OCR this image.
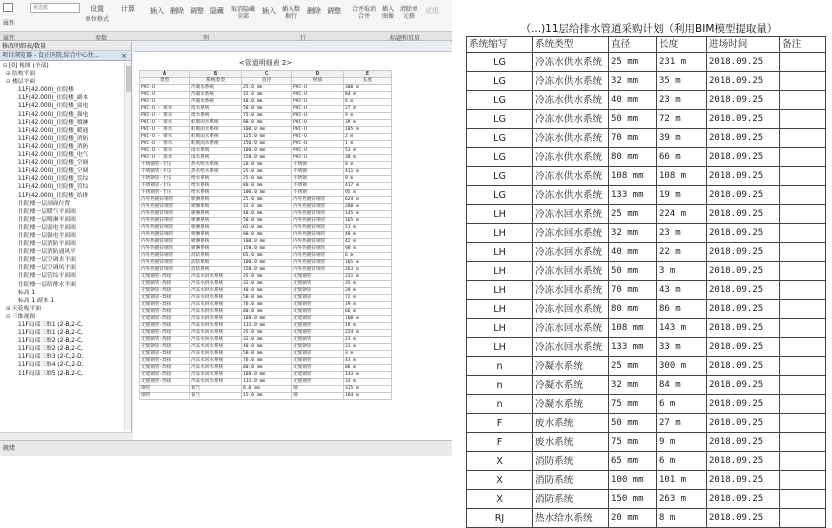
单选框
属性
设置
单位格式
计算 插入 删除 调整 隐藏 取消隐藏全部
插入 插入数据行
删除 调整 合并取消合并
插入图像
清除单元格
成组
属性	参数	列	行	标题和页眉
修改明细表/数量
项目浏览器 - 食正医院,综合中心住...	×
⊟ [0] 视图 (全部)
⊞ 结构平面
⊟ 楼层平面
11F(42.000)_住院楼
11F(42.000)_住院楼_副本
11F(42.000)_住院楼_弱电
11F(42.000)_住院楼_强电
11F(42.000)_住院楼_喷淋
11F(42.000)_住院楼_暖通
11F(42.000)_住院楼_消防
11F(42.000)_住院楼_消防
11F(42.000)_住院楼_电气
11F(42.000)_住院楼_空调
11F(42.000)_住院楼_空调
11F(42.000)_住院楼_管综
11F(42.000)_住院楼_管综
11F(42.000)_住院楼_给排
住院楼一层剖面位置
住院楼一层暖气平面图
住院楼一层喷淋平面图
住院楼一层弱电平面图
住院楼一层强电平面图
住院楼一层消防平面图
住院楼一层消防通风平
住院楼一层空调水平面
住院楼一层空调风平面
住院楼一层管综平面图
住院楼一层给排水平面
标高 1
标高 1 副本 1
⊞ 天花板平面
⊟ 三维视图
11F局部三维1 (2-B,2-C,
11F局部三维1 (2-B,2-C,
11F局部三维2 (2-B,2-C,
11F局部三维2 (2-B,2-C,
11F局部三维3 (2-C,2-D,
11F局部三维4 (2-C,2-D,
11F局部三维5 (2-B,2-C,
<管道明细表 2>				
A	B	C	D	E
类型	系统类型	直径	材质	长度
PVC-U	冷凝水系统	25.0 mm	PVC-U	300 m
PVC-U	冷凝水系统	32.0 mm	PVC-U	84 m
PVC-U	冷凝水系统	40.0 mm	PVC-U	6 m
PVC-U - 排水	废水系统	50.0 mm	PVC-U	27 m
PVC-U - 排水	废水系统	75.0 mm	PVC-U	9 m
PVC-U - 排水	虹吸雨水系统	80.0 mm	PVC-U	39 m
PVC-U - 排水	虹吸雨水系统	100.0 mm	PVC-U	105 m
PVC-U - 排水	虹吸雨水系统	125.0 mm	PVC-U	2 m
PVC-U - 排水	虹吸雨水系统	150.0 mm	PVC-U	1 m
PVC-U - 排水	雨水系统	100.0 mm	PVC-U	53 m
PVC-U - 排水	雨水系统	150.0 mm	PVC-U	30 m
不锈钢管-卡压	热水给水系统	20.0 mm	不锈钢	8 m
不锈钢管-卡压	热水给水系统	25.0 mm	不锈钢	411 m
不锈钢管-卡压	给水系统	25.0 mm	不锈钢	9 m
不锈钢管-卡压	给水系统	80.0 mm	不锈钢	417 m
不锈钢管-卡压	给水系统	100.0 mm	不锈钢	95 m
内外热镀锌钢管	喷淋系统	25.0 mm	内外热镀锌钢管	624 m
内外热镀锌钢管	喷淋系统	32.0 mm	内外热镀锌钢管	288 m
内外热镀锌钢管	喷淋系统	40.0 mm	内外热镀锌钢管	145 m
内外热镀锌钢管	喷淋系统	50.0 mm	内外热镀锌钢管	165 m
内外热镀锌钢管	喷淋系统	65.0 mm	内外热镀锌钢管	51 m
内外热镀锌钢管	喷淋系统	80.0 mm	内外热镀锌钢管	48 m
内外热镀锌钢管	喷淋系统	100.0 mm	内外热镀锌钢管	42 m
内外热镀锌钢管	喷淋系统	150.0 mm	内外热镀锌钢管	90 m
内外热镀锌钢管	消防系统	65.0 mm	内外热镀锌钢管	6 m
内外热镀锌钢管	消防系统	100.0 mm	内外热镀锌钢管	101 m
内外热镀锌钢管	消防系统	150.0 mm	内外热镀锌钢管	263 m
无缝钢管-焊接	冷冻水供水系统	25.0 mm	无缝钢管	231 m
无缝钢管-焊接	冷冻水供水系统	32.0 mm	无缝钢管	35 m
无缝钢管-焊接	冷冻水供水系统	40.0 mm	无缝钢管	20 m
无缝钢管-焊接	冷冻水供水系统	50.0 mm	无缝钢管	72 m
无缝钢管-焊接	冷冻水供水系统	70.0 mm	无缝钢管	39 m
无缝钢管-焊接	冷冻水供水系统	80.0 mm	无缝钢管	66 m
无缝钢管-焊接	冷冻水供水系统	108.0 mm	无缝钢管	108 m
无缝钢管-焊接	冷冻水供水系统	133.0 mm	无缝钢管	19 m
无缝钢管-焊接	冷冻水回水系统	25.0 mm	无缝钢管	224 m
无缝钢管-焊接	冷冻水回水系统	32.0 mm	无缝钢管	23 m
无缝钢管-焊接	冷冻水回水系统	40.0 mm	无缝钢管	22 m
无缝钢管-焊接	冷冻水回水系统	50.0 mm	无缝钢管	3 m
无缝钢管-焊接	冷冻水回水系统	70.0 mm	无缝钢管	43 m
无缝钢管-焊接	冷冻水回水系统	80.0 mm	无缝钢管	86 m
无缝钢管-焊接	冷冻水回水系统	108.0 mm	无缝钢管	143 m
无缝钢管-焊接	冷冻水回水系统	133.0 mm	无缝钢管	33 m
钢管	氧气	8.0 mm	钢	315 m
钢管	氧气	15.0 mm	钢	184 m
就绪
（...)11层给排水管道采购计划（利用BIM模型提取量）
系统缩写	系统类型	直径	长度	进场时间	备注
LG	冷冻水供水系统	25 mm	231 m	2018.09.25	
LG	冷冻水供水系统	32 mm	35 m	2018.09.25	
LG	冷冻水供水系统	40 mm	23 m	2018.09.25	
LG	冷冻水供水系统	50 mm	72 m	2018.09.25	
LG	冷冻水供水系统	70 mm	39 m	2018.09.25	
LG	冷冻水供水系统	80 mm	66 m	2018.09.25	
LG	冷冻水供水系统	108 mm	108 m	2018.09.25	
LG	冷冻水供水系统	133 mm	19 m	2018.09.25	
LH	冷冻水回水系统	25 mm	224 m	2018.09.25	
LH	冷冻水回水系统	32 mm	23 m	2018.09.25	
LH	冷冻水回水系统	40 mm	22 m	2018.09.25	
LH	冷冻水回水系统	50 mm	3 m	2018.09.25	
LH	冷冻水回水系统	70 mm	43 m	2018.09.25	
LH	冷冻水回水系统	80 mm	86 m	2018.09.25	
LH	冷冻水回水系统	108 mm	143 m	2018.09.25	
LH	冷冻水回水系统	133 mm	33 m	2018.09.25	
n	冷凝水系统	25 mm	300 m	2018.09.25	
n	冷凝水系统	32 mm	84 m	2018.09.25	
n	冷凝水系统	75 mm	6 m	2018.09.25	
F	废水系统	50 mm	27 m	2018.09.25	
F	废水系统	75 mm	9 m	2018.09.25	
X	消防系统	65 mm	6 m	2018.09.25	
X	消防系统	100 mm	101 m	2018.09.25	
X	消防系统	150 mm	263 m	2018.09.25	
RJ	热水给水系统	20 mm	8 m	2018.09.25	
